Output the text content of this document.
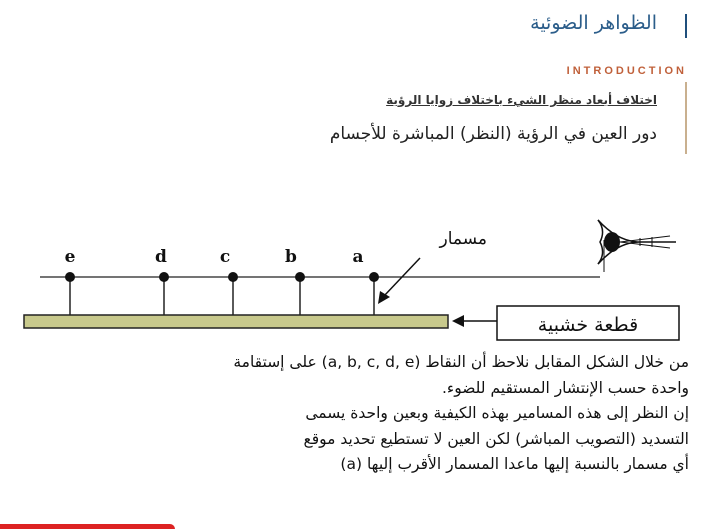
الظواهر الضوئية
INTRODUCTION
اختلاف أبعاد منظر الشيء باختلاف زوايا الرؤية
دور العين في الرؤية (النظر) المباشرة للأجسام
e	d	c	b	a
مسمار
قطعة خشبية

من خلال الشكل المقابل نلاحظ أن النقاط (a, b, c, d, e) على إستقامة

واحدة حسب الإنتشار المستقيم للضوء.

إن النظر إلى هذه المسامير بهذه الكيفية وبعين واحدة يسمى

التسديد (التصويب المباشر) لكن العين لا تستطيع تحديد موقع

أي مسمار بالنسبة إليها ماعدا المسمار الأقرب إليها (a)
